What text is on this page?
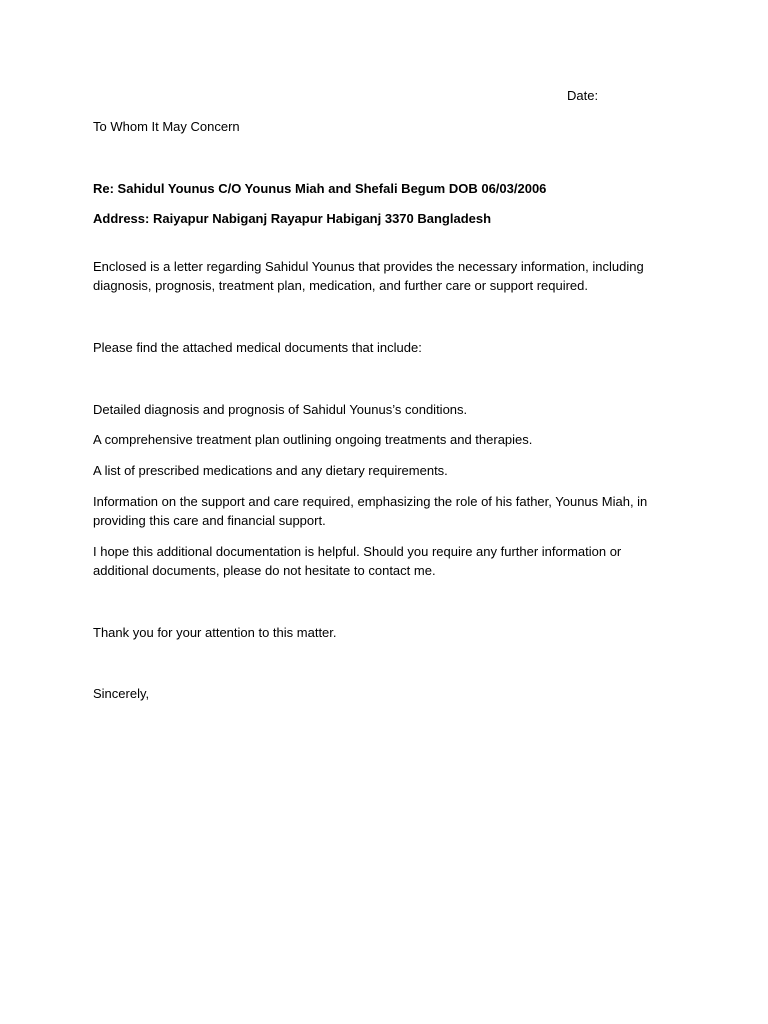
Date:
To Whom It May Concern
Re: Sahidul Younus C/O Younus Miah and Shefali Begum DOB 06/03/2006
Address: Raiyapur Nabiganj Rayapur Habiganj 3370 Bangladesh
Enclosed is a letter regarding Sahidul Younus that provides the necessary information, including diagnosis, prognosis, treatment plan, medication, and further care or support required.
Please find the attached medical documents that include:
Detailed diagnosis and prognosis of Sahidul Younus’s conditions.
A comprehensive treatment plan outlining ongoing treatments and therapies.
A list of prescribed medications and any dietary requirements.
Information on the support and care required, emphasizing the role of his father, Younus Miah, in providing this care and financial support.
I hope this additional documentation is helpful. Should you require any further information or additional documents, please do not hesitate to contact me.
Thank you for your attention to this matter.
Sincerely,
